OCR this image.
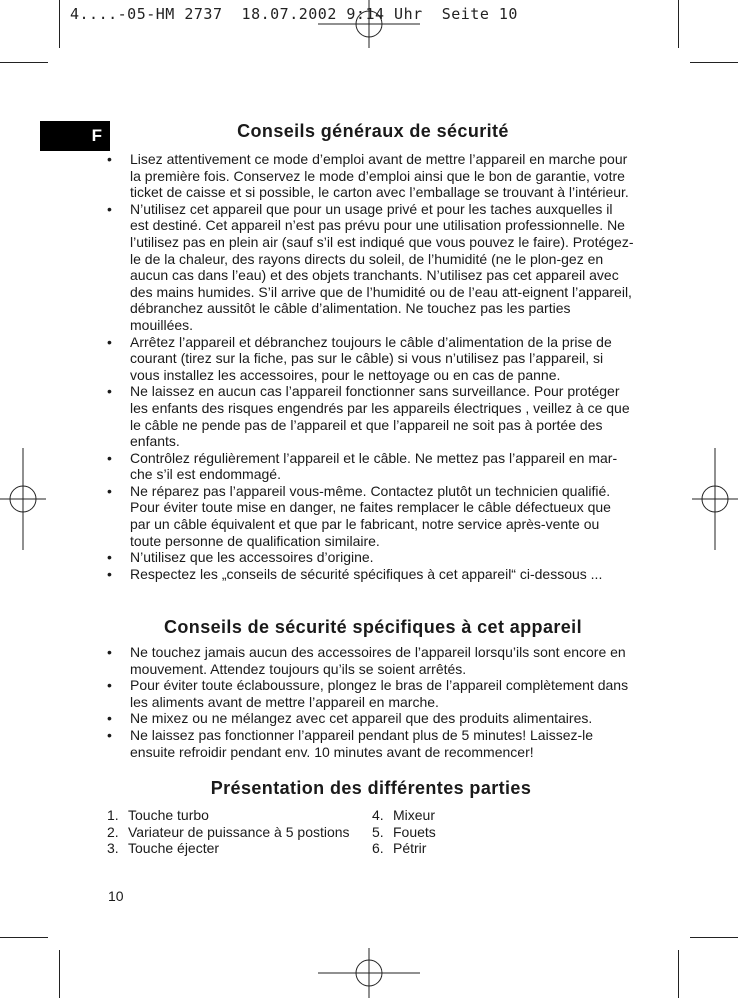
4....-05-HM 2737  18.07.2002 9:14 Uhr  Seite 10
F	Conseils généraux de sécurité
• Lisez attentivement ce mode d’emploi avant de mettre l’appareil en marche pour la première fois. Conservez le mode d’emploi ainsi que le bon de garantie, votre ticket de caisse et si possible, le carton avec l’emballage se trouvant à l’intérieur.
• N’utilisez cet appareil que pour un usage privé et pour les taches auxquelles il est destiné. Cet appareil n’est pas prévu pour une utilisation professionnelle. Ne l’utilisez pas en plein air (sauf s’il est indiqué que vous pouvez le faire). Protégez-le de la chaleur, des rayons directs du soleil, de l’humidité (ne le plon-gez en aucun cas dans l’eau) et des objets tranchants. N’utilisez pas cet appareil avec des mains humides. S’il arrive que de l’humidité ou de l’eau att-eignent l’appareil, débranchez aussitôt le câble d’alimentation. Ne touchez pas les parties mouillées.
• Arrêtez l’appareil et débranchez toujours le câble d’alimentation de la prise de courant (tirez sur la fiche, pas sur le câble) si vous n’utilisez pas l’appareil, si vous installez les accessoires, pour le nettoyage ou en cas de panne.
• Ne laissez en aucun cas l’appareil fonctionner sans surveillance. Pour protéger les enfants des risques engendrés par les appareils électriques , veillez à ce que le câble ne pende pas de l’appareil et que l’appareil ne soit pas à portée des enfants.
• Contrôlez régulièrement l’appareil et le câble. Ne mettez pas l’appareil en mar-che s’il est endommagé.
• Ne réparez pas l’appareil vous-même. Contactez plutôt un technicien qualifié. Pour éviter toute mise en danger, ne faites remplacer le câble défectueux que par un câble équivalent et que par le fabricant, notre service après-vente ou toute personne de qualification similaire.
• N’utilisez que les accessoires d’origine.
• Respectez les „conseils de sécurité spécifiques à cet appareil“ ci-dessous ...
Conseils de sécurité spécifiques à cet appareil
• Ne touchez jamais aucun des accessoires de l’appareil lorsqu’ils sont encore en mouvement. Attendez toujours qu’ils se soient arrêtés.
• Pour éviter toute éclaboussure, plongez le bras de l’appareil complètement dans les aliments avant de mettre l’appareil en marche.
• Ne mixez ou ne mélangez avec cet appareil que des produits alimentaires.
• Ne laissez pas fonctionner l’appareil pendant plus de 5 minutes! Laissez-le ensuite refroidir pendant env. 10 minutes avant de recommencer!
Présentation des différentes parties
1. Touche turbo
2. Variateur de puissance à 5 postions
3. Touche éjecter
4. Mixeur
5. Fouets
6. Pétrir
10
